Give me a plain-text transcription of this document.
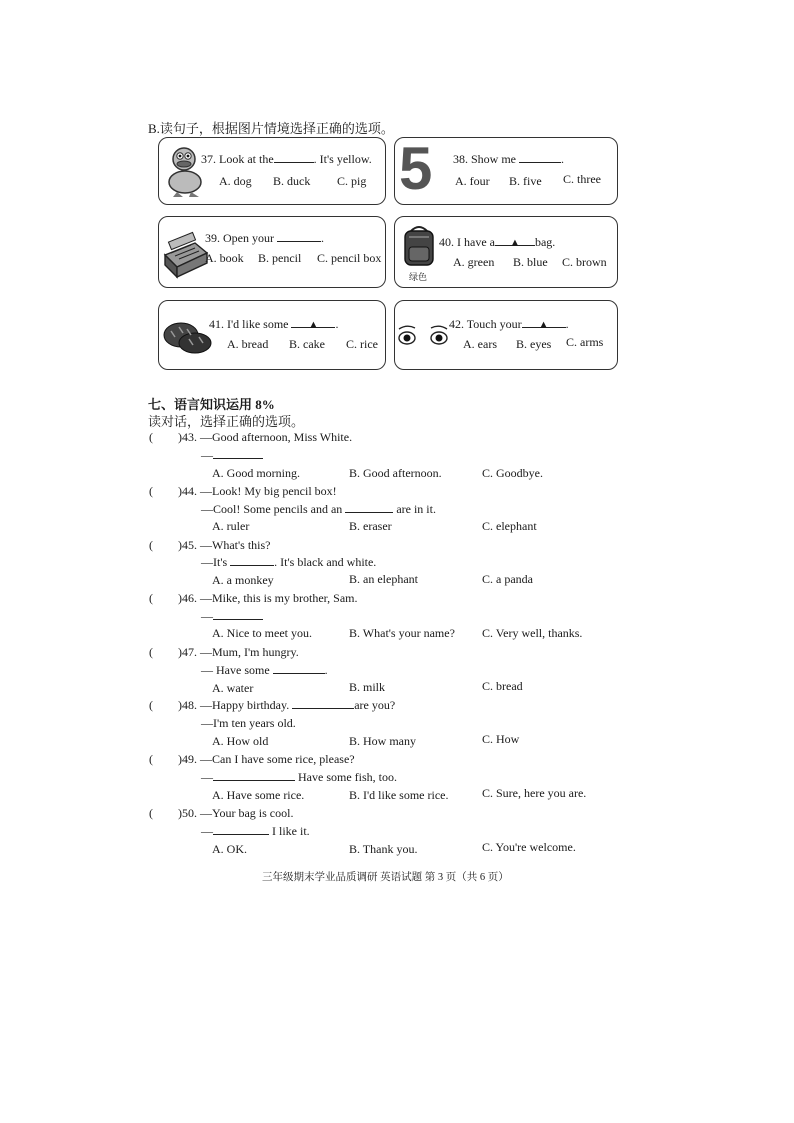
B.读句子，根据图片情境选择正确的选项。
37. Look at the	. It's yellow.
A. dog B. duck C. pig 5 38. Show me	.
A. four B. five C. three
39. Open your	.
A. book B. pencil C. pencil box
绿色
40. I have a ▲ bag.
A. green B. blue C. brown
41. I'd like some ▲ .
A. bread B. cake C. rice
42. Touch your ▲ .
A. ears B. eyes C. arms
七、语言知识运用 8%
读对话，选择正确的选项。
( )43. —Good afternoon, Miss White.
—
A. Good morning.	B. Good afternoon.	C. Goodbye.
( )44. —Look! My big pencil box!
—Cool! Some pencils and an	are in it.
A. ruler	B. eraser	C. elephant
( )45. —What's this?
—It's	. It's black and white.
A. a monkey	B. an elephant	C. a panda
( )46. —Mike, this is my brother, Sam.
—
A. Nice to meet you.	B. What's your name? C. Very well, thanks.
( )47. —Mum, I'm hungry.
— Have some	.
A. water	B. milk	C. bread
( )48. —Happy birthday.	are you?
—I'm ten years old.
A. How old	B. How many	C. How
( )49. —Can I have some rice, please?
—	Have some fish, too.
A. Have some rice.	B. I'd like some rice.	C. Sure, here you are.
( )50. —Your bag is cool.
—	I like it.
A. OK.	B. Thank you.	C. You're welcome.
三年级期末学业品质调研 英语试题 第 3 页（共 6 页）
